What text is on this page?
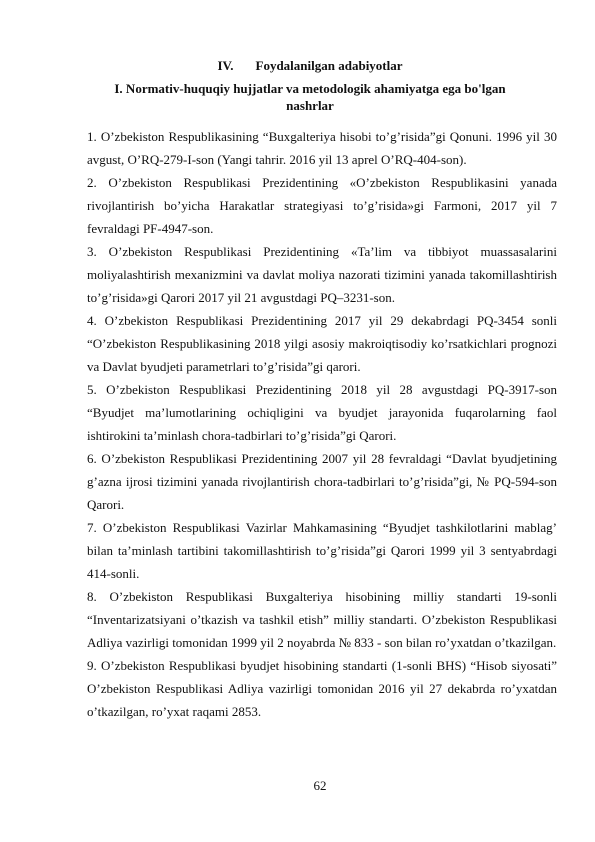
IV. Foydalanilgan adabiyotlar
I. Normativ-huquqiy hujjatlar va metodologik ahamiyatga ega bo'lgan nashrlar

1. O’zbekiston Respublikasining “Buxgalteriya hisobi to’g’risida”gi Qonuni. 1996 yil 30 avgust, O’RQ-279-I-son (Yangi tahrir. 2016 yil 13 aprel O’RQ-404-son).

2. O’zbekiston Respublikasi Prezidentining «O’zbekiston Respublikasini yanada rivojlantirish bo’yicha Harakatlar strategiyasi to’g’risida»gi Farmoni, 2017 yil 7 fevraldagi PF-4947-son.

3. O’zbekiston Respublikasi Prezidentining «Ta’lim va tibbiyot muassasalarini moliyalashtirish mexanizmini va davlat moliya nazorati tizimini yanada takomillashtirish to’g’risida»gi Qarori 2017 yil 21 avgustdagi PQ–3231-son.

4. O’zbekiston Respublikasi Prezidentining 2017 yil 29 dekabrdagi PQ-3454 sonli “O’zbekiston Respublikasining 2018 yilgi asosiy makroiqtisodiy ko’rsatkichlari prognozi va Davlat byudjeti parametrlari to’g’risida”gi qarori.

5. O’zbekiston Respublikasi Prezidentining 2018 yil 28 avgustdagi PQ-3917-son “Byudjet ma’lumotlarining ochiqligini va byudjet jarayonida fuqarolarning faol ishtirokini ta’minlash chora-tadbirlari to’g’risida”gi Qarori.

6. O’zbekiston Respublikasi Prezidentining 2007 yil 28 fevraldagi “Davlat byudjetining g’azna ijrosi tizimini yanada rivojlantirish chora-tadbirlari to’g’risida”gi, № PQ-594-son Qarori.

7. O’zbekiston Respublikasi Vazirlar Mahkamasining “Byudjet tashkilotlarini mablag’ bilan ta’minlash tartibini takomillashtirish to’g’risida”gi Qarori 1999 yil 3 sentyabrdagi 414-sonli.

8. O’zbekiston Respublikasi Buxgalteriya hisobining milliy standarti 19-sonli “Inventarizatsiyani o’tkazish va tashkil etish” milliy standarti. O’zbekiston Respublikasi Adliya vazirligi tomonidan 1999 yil 2 noyabrda № 833 - son bilan ro’yxatdan o’tkazilgan.

9. O’zbekiston Respublikasi byudjet hisobining standarti (1-sonli BHS) “Hisob siyosati” O’zbekiston Respublikasi Adliya vazirligi tomonidan 2016 yil 27 dekabrda ro’yxatdan o’tkazilgan, ro’yxat raqami 2853.

62
